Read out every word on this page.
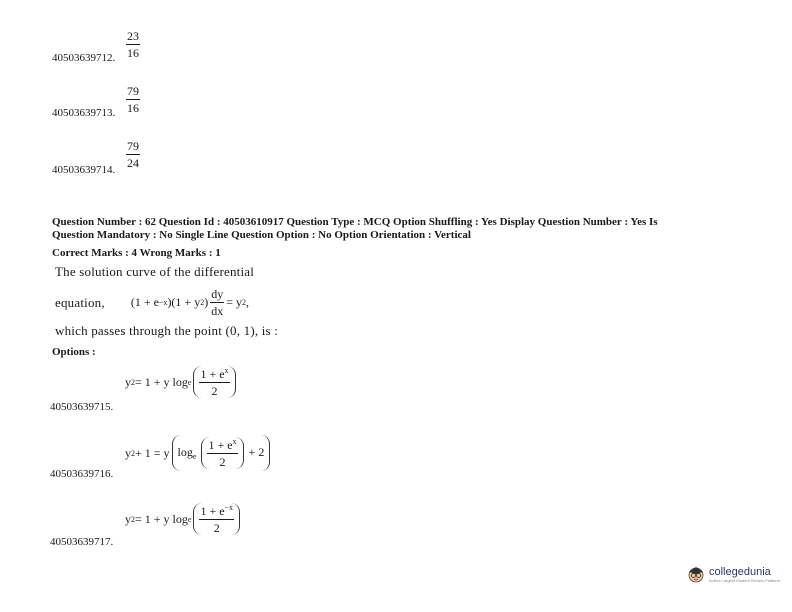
$\frac{23}{16}$
40503639712.
$\frac{79}{16}$
40503639713.
$\frac{79}{24}$
40503639714.
Question Number : 62 Question Id : 40503610917 Question Type : MCQ Option Shuffling : Yes Display Question Number : Yes Is
Question Mandatory : No Single Line Question Option : No Option Orientation : Vertical
Correct Marks : 4 Wrong Marks : 1
The solution curve of the differential
equation, (1 + e −x )(1 + y 2 ) $\frac{dy}{dx} = y$ 2 ,
which passes through the point (0, 1), is :
Options :
y 2 = 1 + y log e $\frac{1 + e^x}{2}$
40503639715.
y 2 + 1 = y $\log_e \frac{1 + e^x}{2} + 2$
40503639716.
y 2 = 1 + y log e $\frac{1 + e^{-x}}{2}$
40503639717.
collegedunia
India's Largest Student Review Platform
